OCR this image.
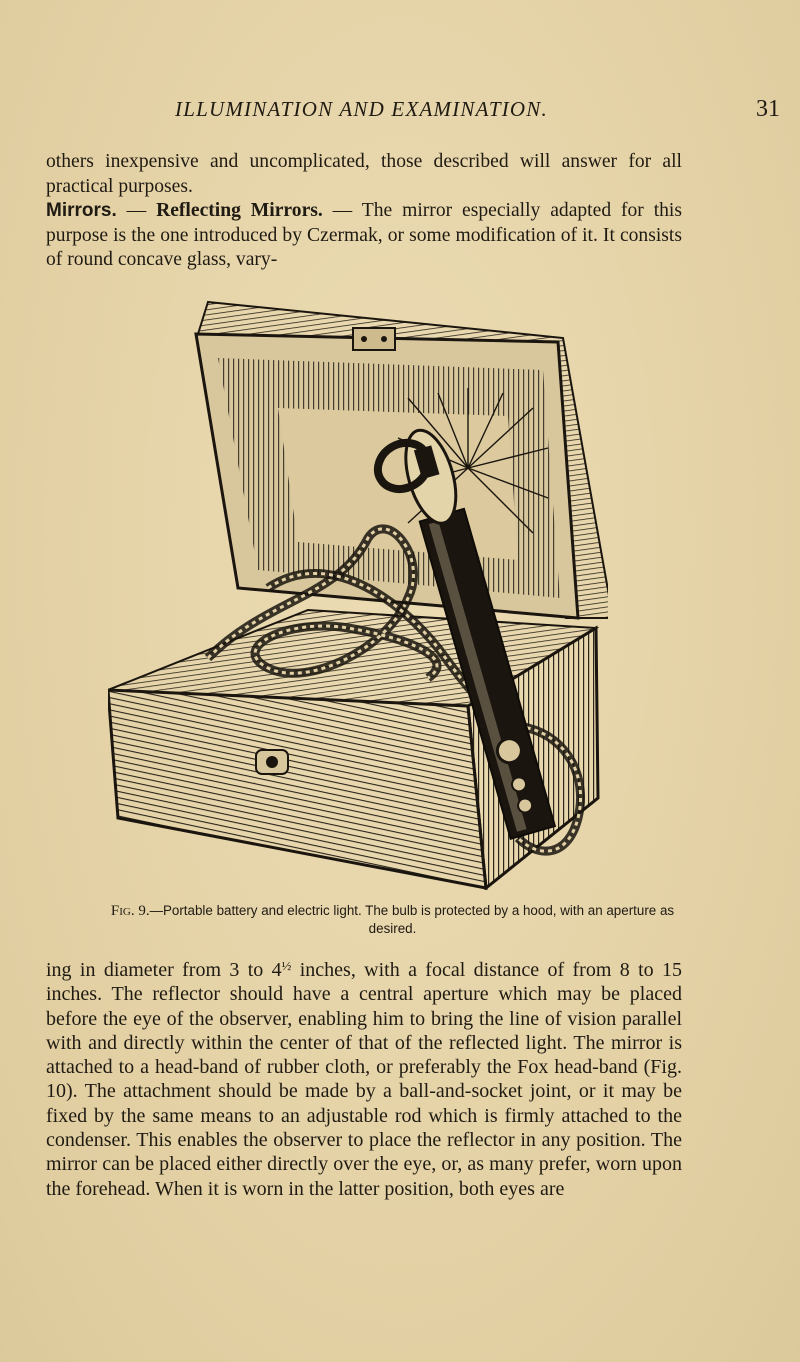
ILLUMINATION AND EXAMINATION.	31
others inexpensive and uncomplicated, those described will answer for all practical purposes.
Mirrors. — Reflecting Mirrors. — The mirror especially adapted for this purpose is the one introduced by Czermak, or some modification of it. It consists of round concave glass, vary-
Fig. 9.—Portable battery and electric light. The bulb is protected by a hood, with an aperture as desired.
ing in diameter from 3 to $4^{\frac{1}{2}}$ inches, with a focal distance of from 8 to 15 inches. The reflector should have a central aperture which may be placed before the eye of the observer, enabling him to bring the line of vision parallel with and directly within the center of that of the reflected light. The mirror is attached to a head-band of rubber cloth, or preferably the Fox head-band (Fig. 10). The attachment should be made by a ball-and-socket joint, or it may be fixed by the same means to an adjustable rod which is firmly attached to the condenser. This enables the observer to place the reflector in any position. The mirror can be placed either directly over the eye, or, as many prefer, worn upon the forehead. When it is worn in the latter position, both eyes are
